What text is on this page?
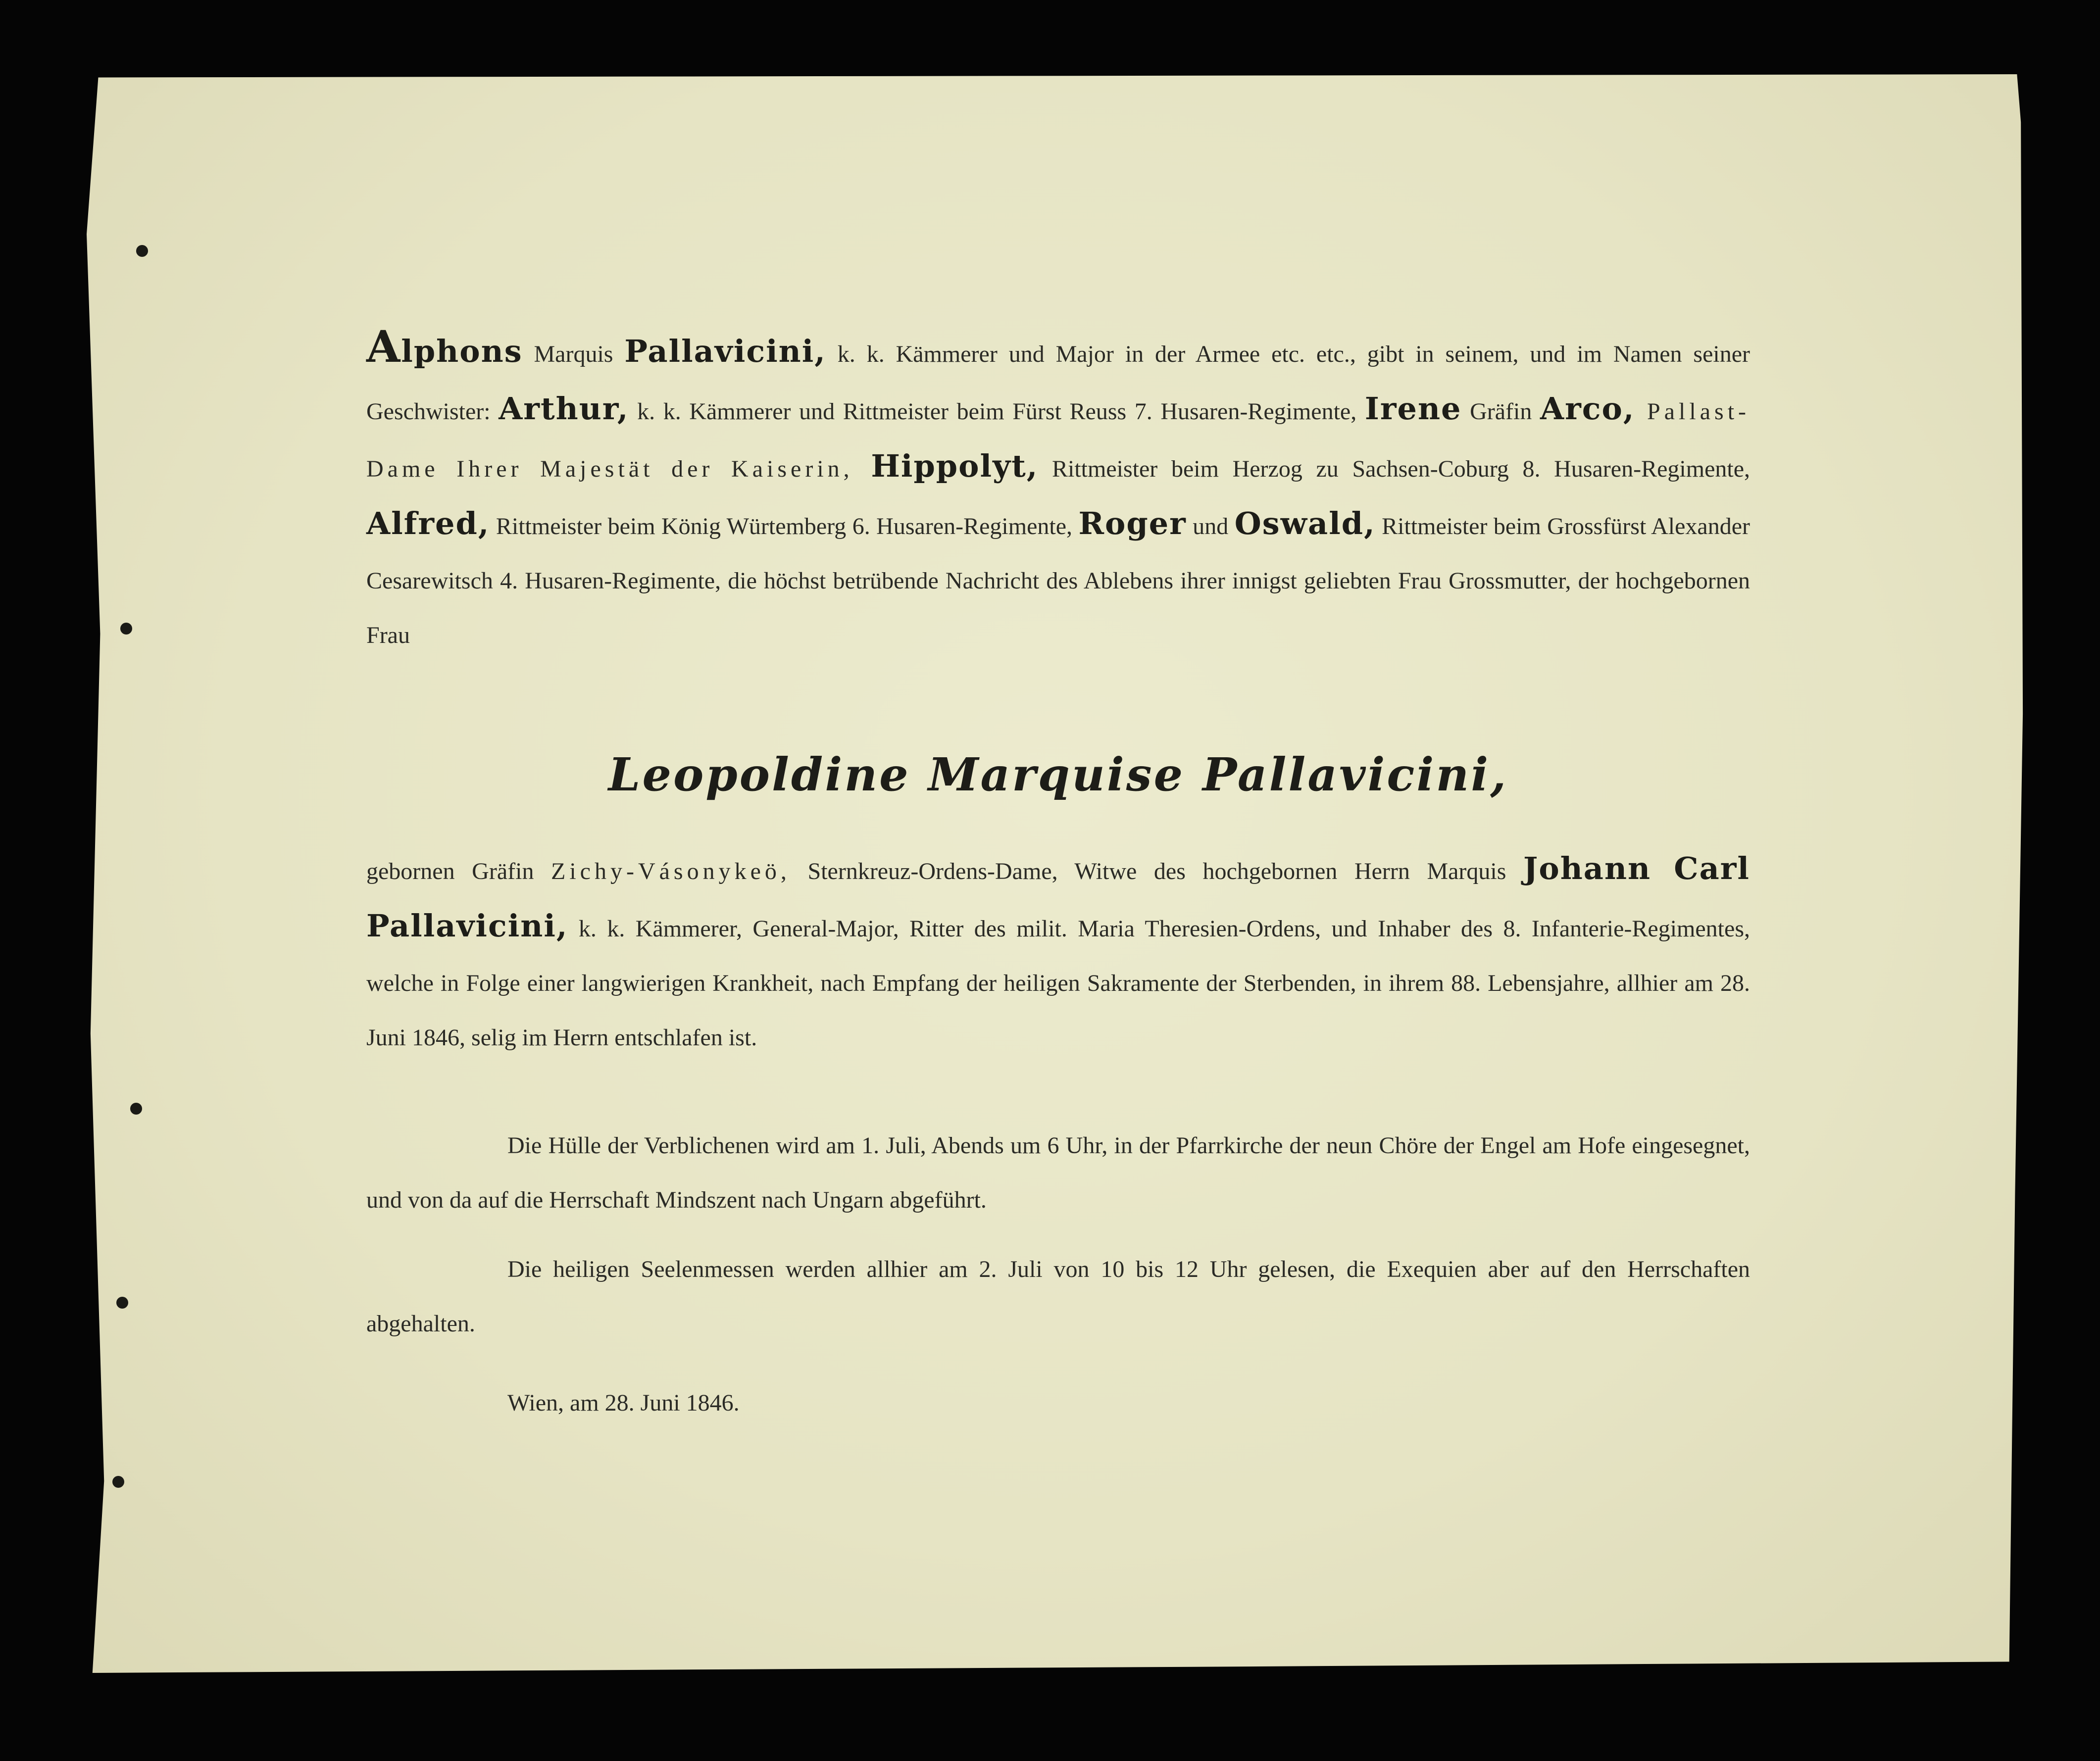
Alphons Marquis Pallavicini, k. k. Kämmerer und Major in der Armee etc. etc., gibt in seinem, und im Namen seiner Geschwister: Arthur, k. k. Kämmerer und Rittmeister beim Fürst Reuss 7. Husaren-Regimente, Irene Gräfin Arco, Pallast-Dame Ihrer Majestät der Kaiserin, Hippolyt, Rittmeister beim Herzog zu Sachsen-Coburg 8. Husaren-Regimente, Alfred, Rittmeister beim König Würtemberg 6. Husaren-Regimente, Roger und Oswald, Rittmeister beim Grossfürst Alexander Cesarewitsch 4. Husaren-Regimente, die höchst betrübende Nachricht des Ablebens ihrer innigst geliebten Frau Grossmutter, der hochgebornen Frau

Leopoldine Marquise Pallavicini,

gebornen Gräfin Zichy-Vásonykeö, Sternkreuz-Ordens-Dame, Witwe des hochgebornen Herrn Marquis Johann Carl Pallavicini, k. k. Kämmerer, General-Major, Ritter des milit. Maria Theresien-Ordens, und Inhaber des 8. Infanterie-Regimentes, welche in Folge einer langwierigen Krankheit, nach Empfang der heiligen Sakramente der Sterbenden, in ihrem 88. Lebensjahre, allhier am 28. Juni 1846, selig im Herrn entschlafen ist.

Die Hülle der Verblichenen wird am 1. Juli, Abends um 6 Uhr, in der Pfarrkirche der neun Chöre der Engel am Hofe eingesegnet, und von da auf die Herrschaft Mindszent nach Ungarn abgeführt.

Die heiligen Seelenmessen werden allhier am 2. Juli von 10 bis 12 Uhr gelesen, die Exequien aber auf den Herrschaften abgehalten.

Wien, am 28. Juni 1846.
